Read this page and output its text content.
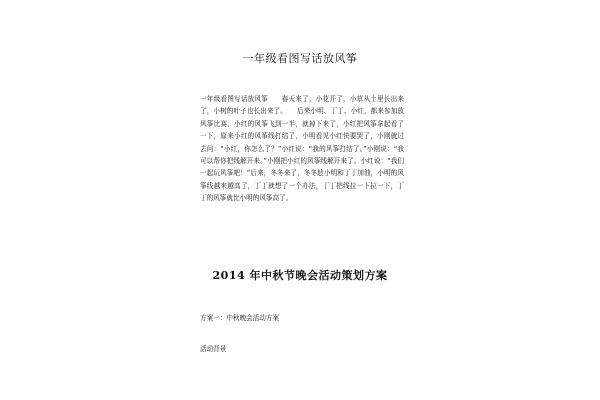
一年级看图写话放风筝
一年级看图写话放风筝　　春天来了，小花开了，小草从土里长出来了，小树的叶子也长出来了。　　后来小明、丁丁、小红，都来参加放风筝比赛，小红的风筝飞到一半，就掉下来了，小红把风筝拿起看了一下，原来小红的风筝线打结了，小明看见小红快要哭了，小刚就过去问：“小红，你怎么了？”小红说：“我的风筝打结了。”小刚说：“我可以帮你把线解开来。”小刚把小红的风筝线解开来了。小红说：“我们一起玩风筝吧！”后来，冬冬来了，冬冬趁小明和丁丁加油，小明的风筝线越来越高了，丁丁就想了一个办法，丁丁把线拉一下拉一下，丁丁的风筝就比小明的风筝高了。
2014 年中秋节晚会活动策划方案
方案一：中秋晚会活动方案
活动背景
